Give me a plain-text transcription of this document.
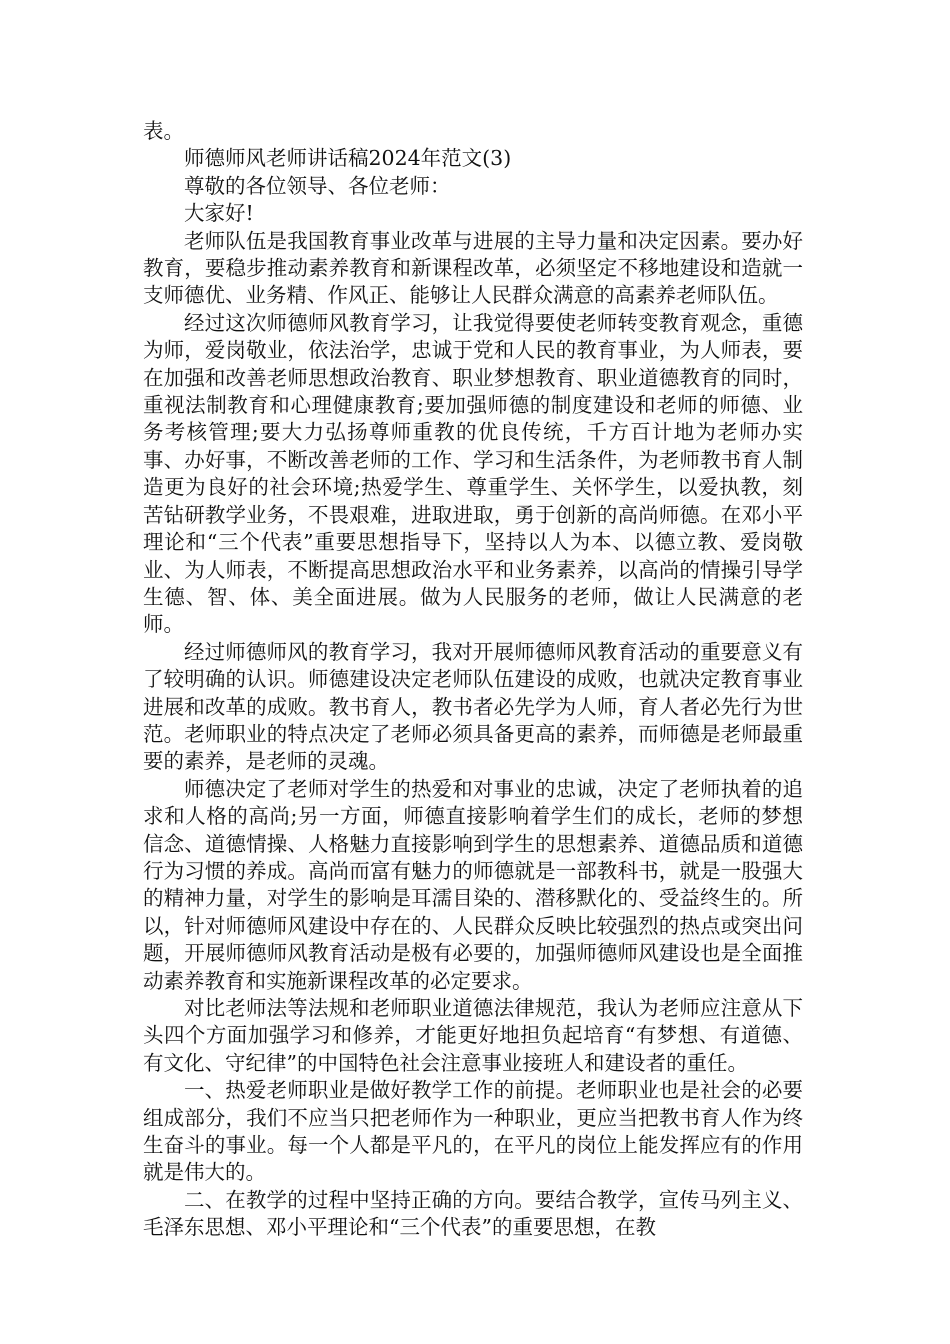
表。

师德师风老师讲话稿2024年范文(3)

尊敬的各位领导、各位老师：

大家好!

老师队伍是我国教育事业改革与进展的主导力量和决定因素。要办好教育，要稳步推动素养教育和新课程改革，必须坚定不移地建设和造就一支师德优、业务精、作风正、能够让人民群众满意的高素养老师队伍。

经过这次师德师风教育学习，让我觉得要使老师转变教育观念，重德为师，爱岗敬业，依法治学，忠诚于党和人民的教育事业，为人师表，要在加强和改善老师思想政治教育、职业梦想教育、职业道德教育的同时，重视法制教育和心理健康教育;要加强师德的制度建设和老师的师德、业务考核管理;要大力弘扬尊师重教的优良传统，千方百计地为老师办实事、办好事，不断改善老师的工作、学习和生活条件，为老师教书育人制造更为良好的社会环境;热爱学生、尊重学生、关怀学生，以爱执教，刻苦钻研教学业务，不畏艰难，进取进取，勇于创新的高尚师德。在邓小平理论和“三个代表”重要思想指导下，坚持以人为本、以德立教、爱岗敬业、为人师表，不断提高思想政治水平和业务素养，以高尚的情操引导学生德、智、体、美全面进展。做为人民服务的老师，做让人民满意的老师。

经过师德师风的教育学习，我对开展师德师风教育活动的重要意义有了较明确的认识。师德建设决定老师队伍建设的成败，也就决定教育事业进展和改革的成败。教书育人，教书者必先学为人师，育人者必先行为世范。老师职业的特点决定了老师必须具备更高的素养，而师德是老师最重要的素养，是老师的灵魂。

师德决定了老师对学生的热爱和对事业的忠诚，决定了老师执着的追求和人格的高尚;另一方面，师德直接影响着学生们的成长，老师的梦想信念、道德情操、人格魅力直接影响到学生的思想素养、道德品质和道德行为习惯的养成。高尚而富有魅力的师德就是一部教科书，就是一股强大的精神力量，对学生的影响是耳濡目染的、潜移默化的、受益终生的。所以，针对师德师风建设中存在的、人民群众反映比较强烈的热点或突出问题，开展师德师风教育活动是极有必要的，加强师德师风建设也是全面推动素养教育和实施新课程改革的必定要求。

对比老师法等法规和老师职业道德法律规范，我认为老师应注意从下头四个方面加强学习和修养，才能更好地担负起培育“有梦想、有道德、有文化、守纪律”的中国特色社会注意事业接班人和建设者的重任。

一、热爱老师职业是做好教学工作的前提。老师职业也是社会的必要组成部分，我们不应当只把老师作为一种职业，更应当把教书育人作为终生奋斗的事业。每一个人都是平凡的，在平凡的岗位上能发挥应有的作用就是伟大的。

二、在教学的过程中坚持正确的方向。要结合教学，宣传马列主义、毛泽东思想、邓小平理论和“三个代表”的重要思想，在教
